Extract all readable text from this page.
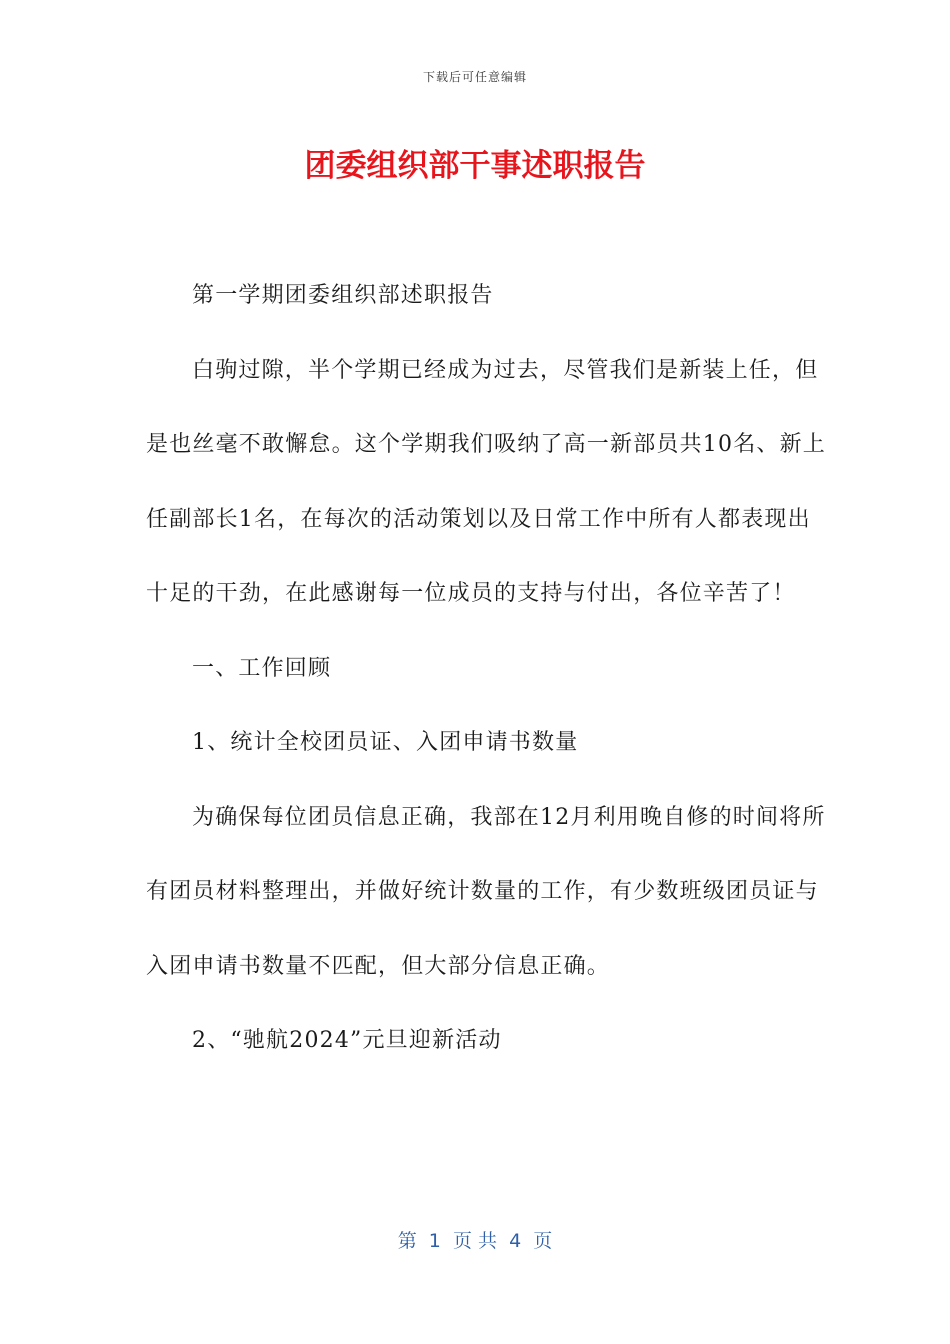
下载后可任意编辑
团委组织部干事述职报告

第一学期团委组织部述职报告

白驹过隙，半个学期已经成为过去，尽管我们是新装上任，但是也丝毫不敢懈怠。这个学期我们吸纳了高一新部员共10名、新上任副部长1名，在每次的活动策划以及日常工作中所有人都表现出十足的干劲，在此感谢每一位成员的支持与付出，各位辛苦了！

一、工作回顾

1、统计全校团员证、入团申请书数量

为确保每位团员信息正确，我部在12月利用晚自修的时间将所有团员材料整理出，并做好统计数量的工作，有少数班级团员证与入团申请书数量不匹配，但大部分信息正确。

2、“驰航2024”元旦迎新活动

第  1  页 共  4  页
